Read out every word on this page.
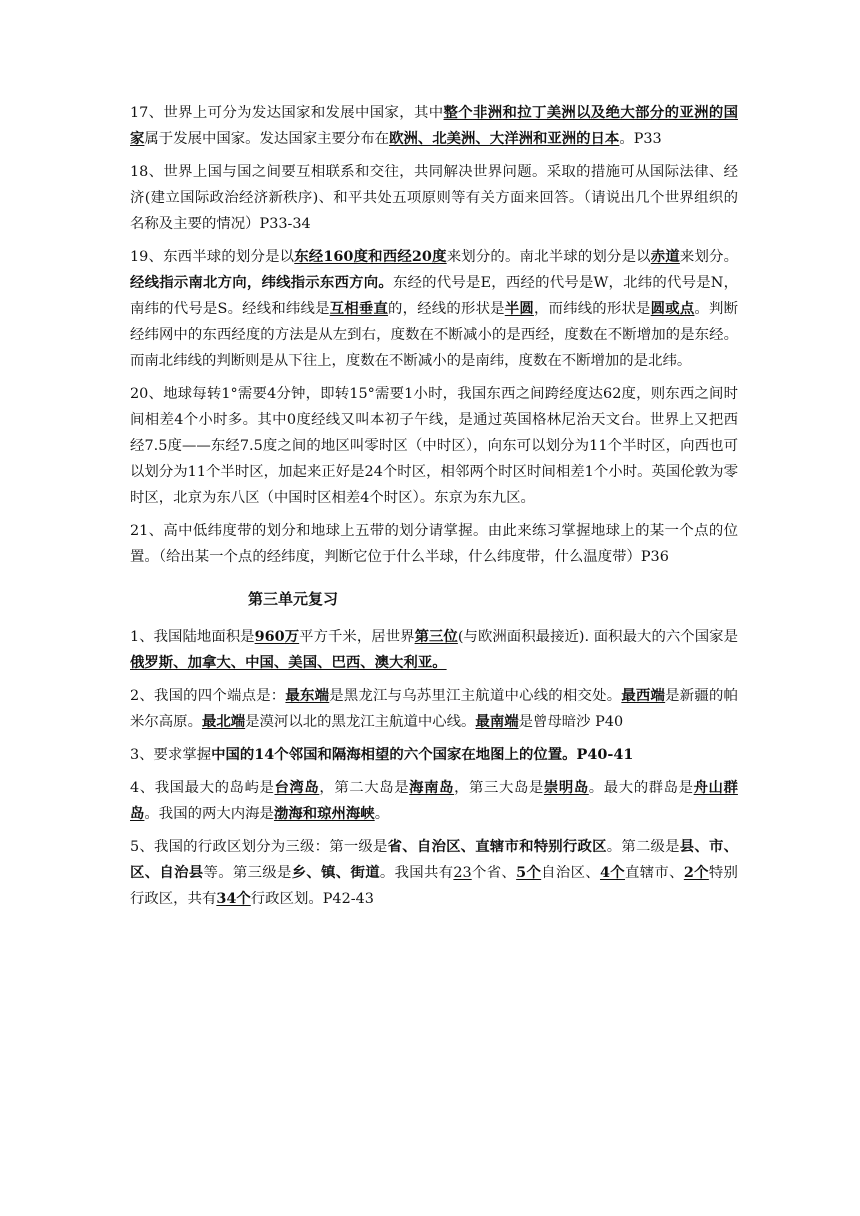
17、世界上可分为发达国家和发展中国家，其中整个非洲和拉丁美洲以及绝大部分的亚洲的国家属于发展中国家。发达国家主要分布在欧洲、北美洲、大洋洲和亚洲的日本。P33

18、世界上国与国之间要互相联系和交往，共同解决世界问题。采取的措施可从国际法律、经济(建立国际政治经济新秩序)、和平共处五项原则等有关方面来回答。（请说出几个世界组织的名称及主要的情况）P33-34

19、东西半球的划分是以东经160度和西经20度来划分的。南北半球的划分是以赤道来划分。经线指示南北方向，纬线指示东西方向。东经的代号是E，西经的代号是W，北纬的代号是N，南纬的代号是S。经线和纬线是互相垂直的，经线的形状是半圆，而纬线的形状是圆或点。判断经纬网中的东西经度的方法是从左到右，度数在不断减小的是西经，度数在不断增加的是东经。而南北纬线的判断则是从下往上，度数在不断减小的是南纬，度数在不断增加的是北纬。

20、地球每转1°需要4分钟，即转15°需要1小时，我国东西之间跨经度达62度，则东西之间时间相差4个小时多。其中0度经线又叫本初子午线，是通过英国格林尼治天文台。世界上又把西经7.5度——东经7.5度之间的地区叫零时区（中时区），向东可以划分为11个半时区，向西也可以划分为11个半时区，加起来正好是24个时区，相邻两个时区时间相差1个小时。英国伦敦为零时区，北京为东八区（中国时区相差4个时区）。东京为东九区。

21、高中低纬度带的划分和地球上五带的划分请掌握。由此来练习掌握地球上的某一个点的位置。（给出某一个点的经纬度，判断它位于什么半球，什么纬度带，什么温度带）P36

第三单元复习

1、我国陆地面积是960万平方千米，居世界第三位(与欧洲面积最接近). 面积最大的六个国家是俄罗斯、加拿大、中国、美国、巴西、澳大利亚。

2、我国的四个端点是：最东端是黑龙江与乌苏里江主航道中心线的相交处。最西端是新疆的帕米尔高原。最北端是漠河以北的黑龙江主航道中心线。最南端是曾母暗沙 P40

3、要求掌握中国的14个邻国和隔海相望的六个国家在地图上的位置。P40-41

4、我国最大的岛屿是台湾岛，第二大岛是海南岛，第三大岛是崇明岛。最大的群岛是舟山群岛。我国的两大内海是渤海和琼州海峡。

5、我国的行政区划分为三级：第一级是省、自治区、直辖市和特别行政区。第二级是县、市、区、自治县等。第三级是乡、镇、街道。我国共有23个省、5个自治区、4个直辖市、2个特别行政区，共有34个行政区划。P42-43
